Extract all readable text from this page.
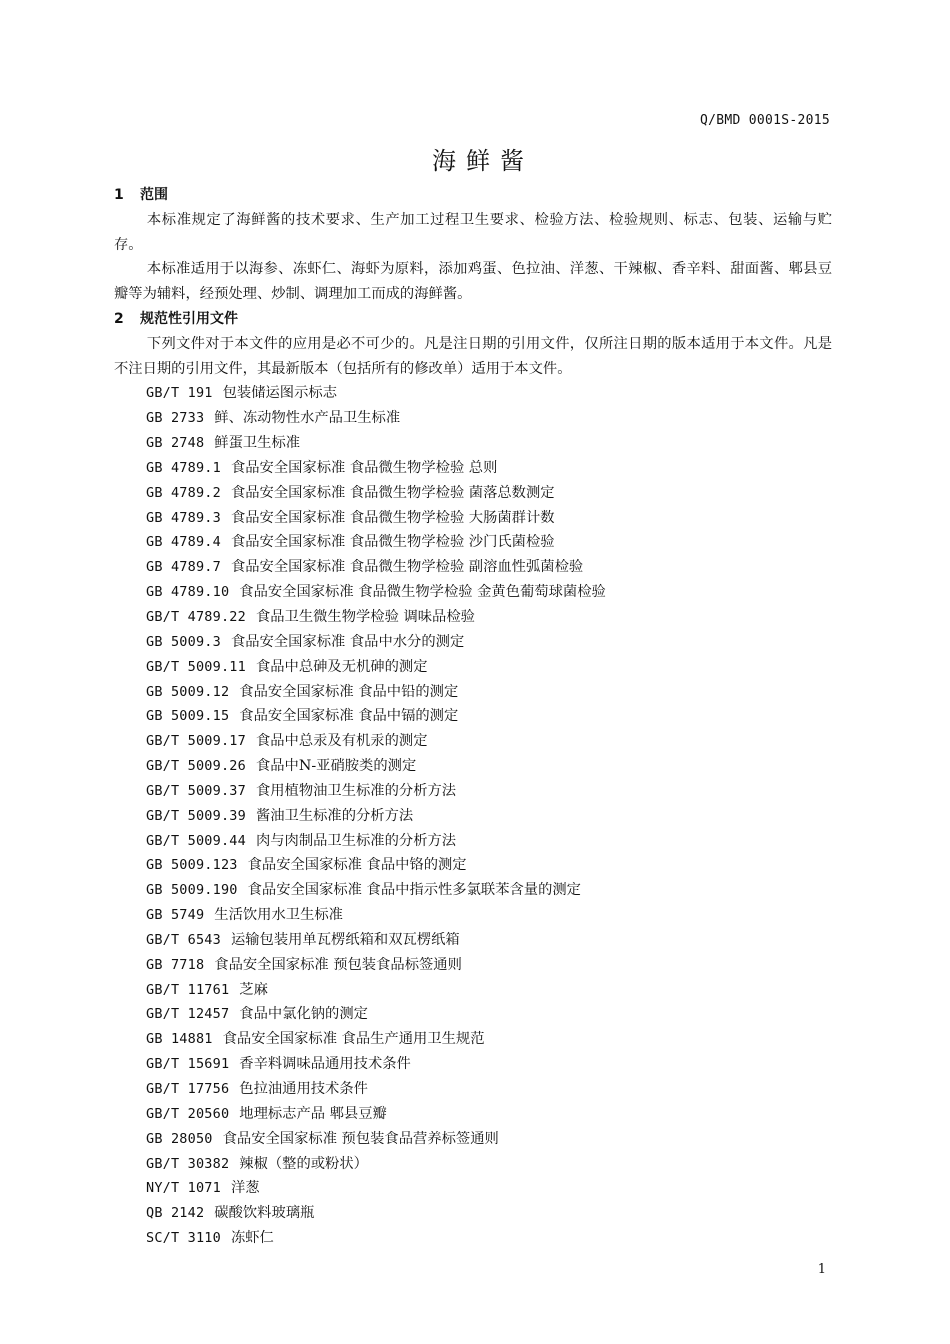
Q/BMD 0001S-2015
海鲜酱
1 范围

本标准规定了海鲜酱的技术要求、生产加工过程卫生要求、检验方法、检验规则、标志、包装、运输与贮存。

本标准适用于以海参、冻虾仁、海虾为原料，添加鸡蛋、色拉油、洋葱、干辣椒、香辛料、甜面酱、郫县豆瓣等为辅料，经预处理、炒制、调理加工而成的海鲜酱。

2 规范性引用文件

下列文件对于本文件的应用是必不可少的。凡是注日期的引用文件，仅所注日期的版本适用于本文件。凡是不注日期的引用文件，其最新版本（包括所有的修改单）适用于本文件。

GB/T 191 包装储运图示标志
GB 2733 鲜、冻动物性水产品卫生标准
GB 2748 鲜蛋卫生标准
GB 4789.1 食品安全国家标准 食品微生物学检验 总则
GB 4789.2 食品安全国家标准 食品微生物学检验 菌落总数测定
GB 4789.3 食品安全国家标准 食品微生物学检验 大肠菌群计数
GB 4789.4 食品安全国家标准 食品微生物学检验 沙门氏菌检验
GB 4789.7 食品安全国家标准 食品微生物学检验 副溶血性弧菌检验
GB 4789.10 食品安全国家标准 食品微生物学检验 金黄色葡萄球菌检验
GB/T 4789.22 食品卫生微生物学检验 调味品检验
GB 5009.3 食品安全国家标准 食品中水分的测定
GB/T 5009.11 食品中总砷及无机砷的测定
GB 5009.12 食品安全国家标准 食品中铅的测定
GB 5009.15 食品安全国家标准 食品中镉的测定
GB/T 5009.17 食品中总汞及有机汞的测定
GB/T 5009.26 食品中N-亚硝胺类的测定
GB/T 5009.37 食用植物油卫生标准的分析方法
GB/T 5009.39 酱油卫生标准的分析方法
GB/T 5009.44 肉与肉制品卫生标准的分析方法
GB 5009.123 食品安全国家标准 食品中铬的测定
GB 5009.190 食品安全国家标准 食品中指示性多氯联苯含量的测定
GB 5749 生活饮用水卫生标准
GB/T 6543 运输包装用单瓦楞纸箱和双瓦楞纸箱
GB 7718 食品安全国家标准 预包装食品标签通则
GB/T 11761 芝麻
GB/T 12457 食品中氯化钠的测定
GB 14881 食品安全国家标准 食品生产通用卫生规范
GB/T 15691 香辛料调味品通用技术条件
GB/T 17756 色拉油通用技术条件
GB/T 20560 地理标志产品 郫县豆瓣
GB 28050 食品安全国家标准 预包装食品营养标签通则
GB/T 30382 辣椒（整的或粉状）
NY/T 1071 洋葱
QB 2142 碳酸饮料玻璃瓶
SC/T 3110 冻虾仁
1
